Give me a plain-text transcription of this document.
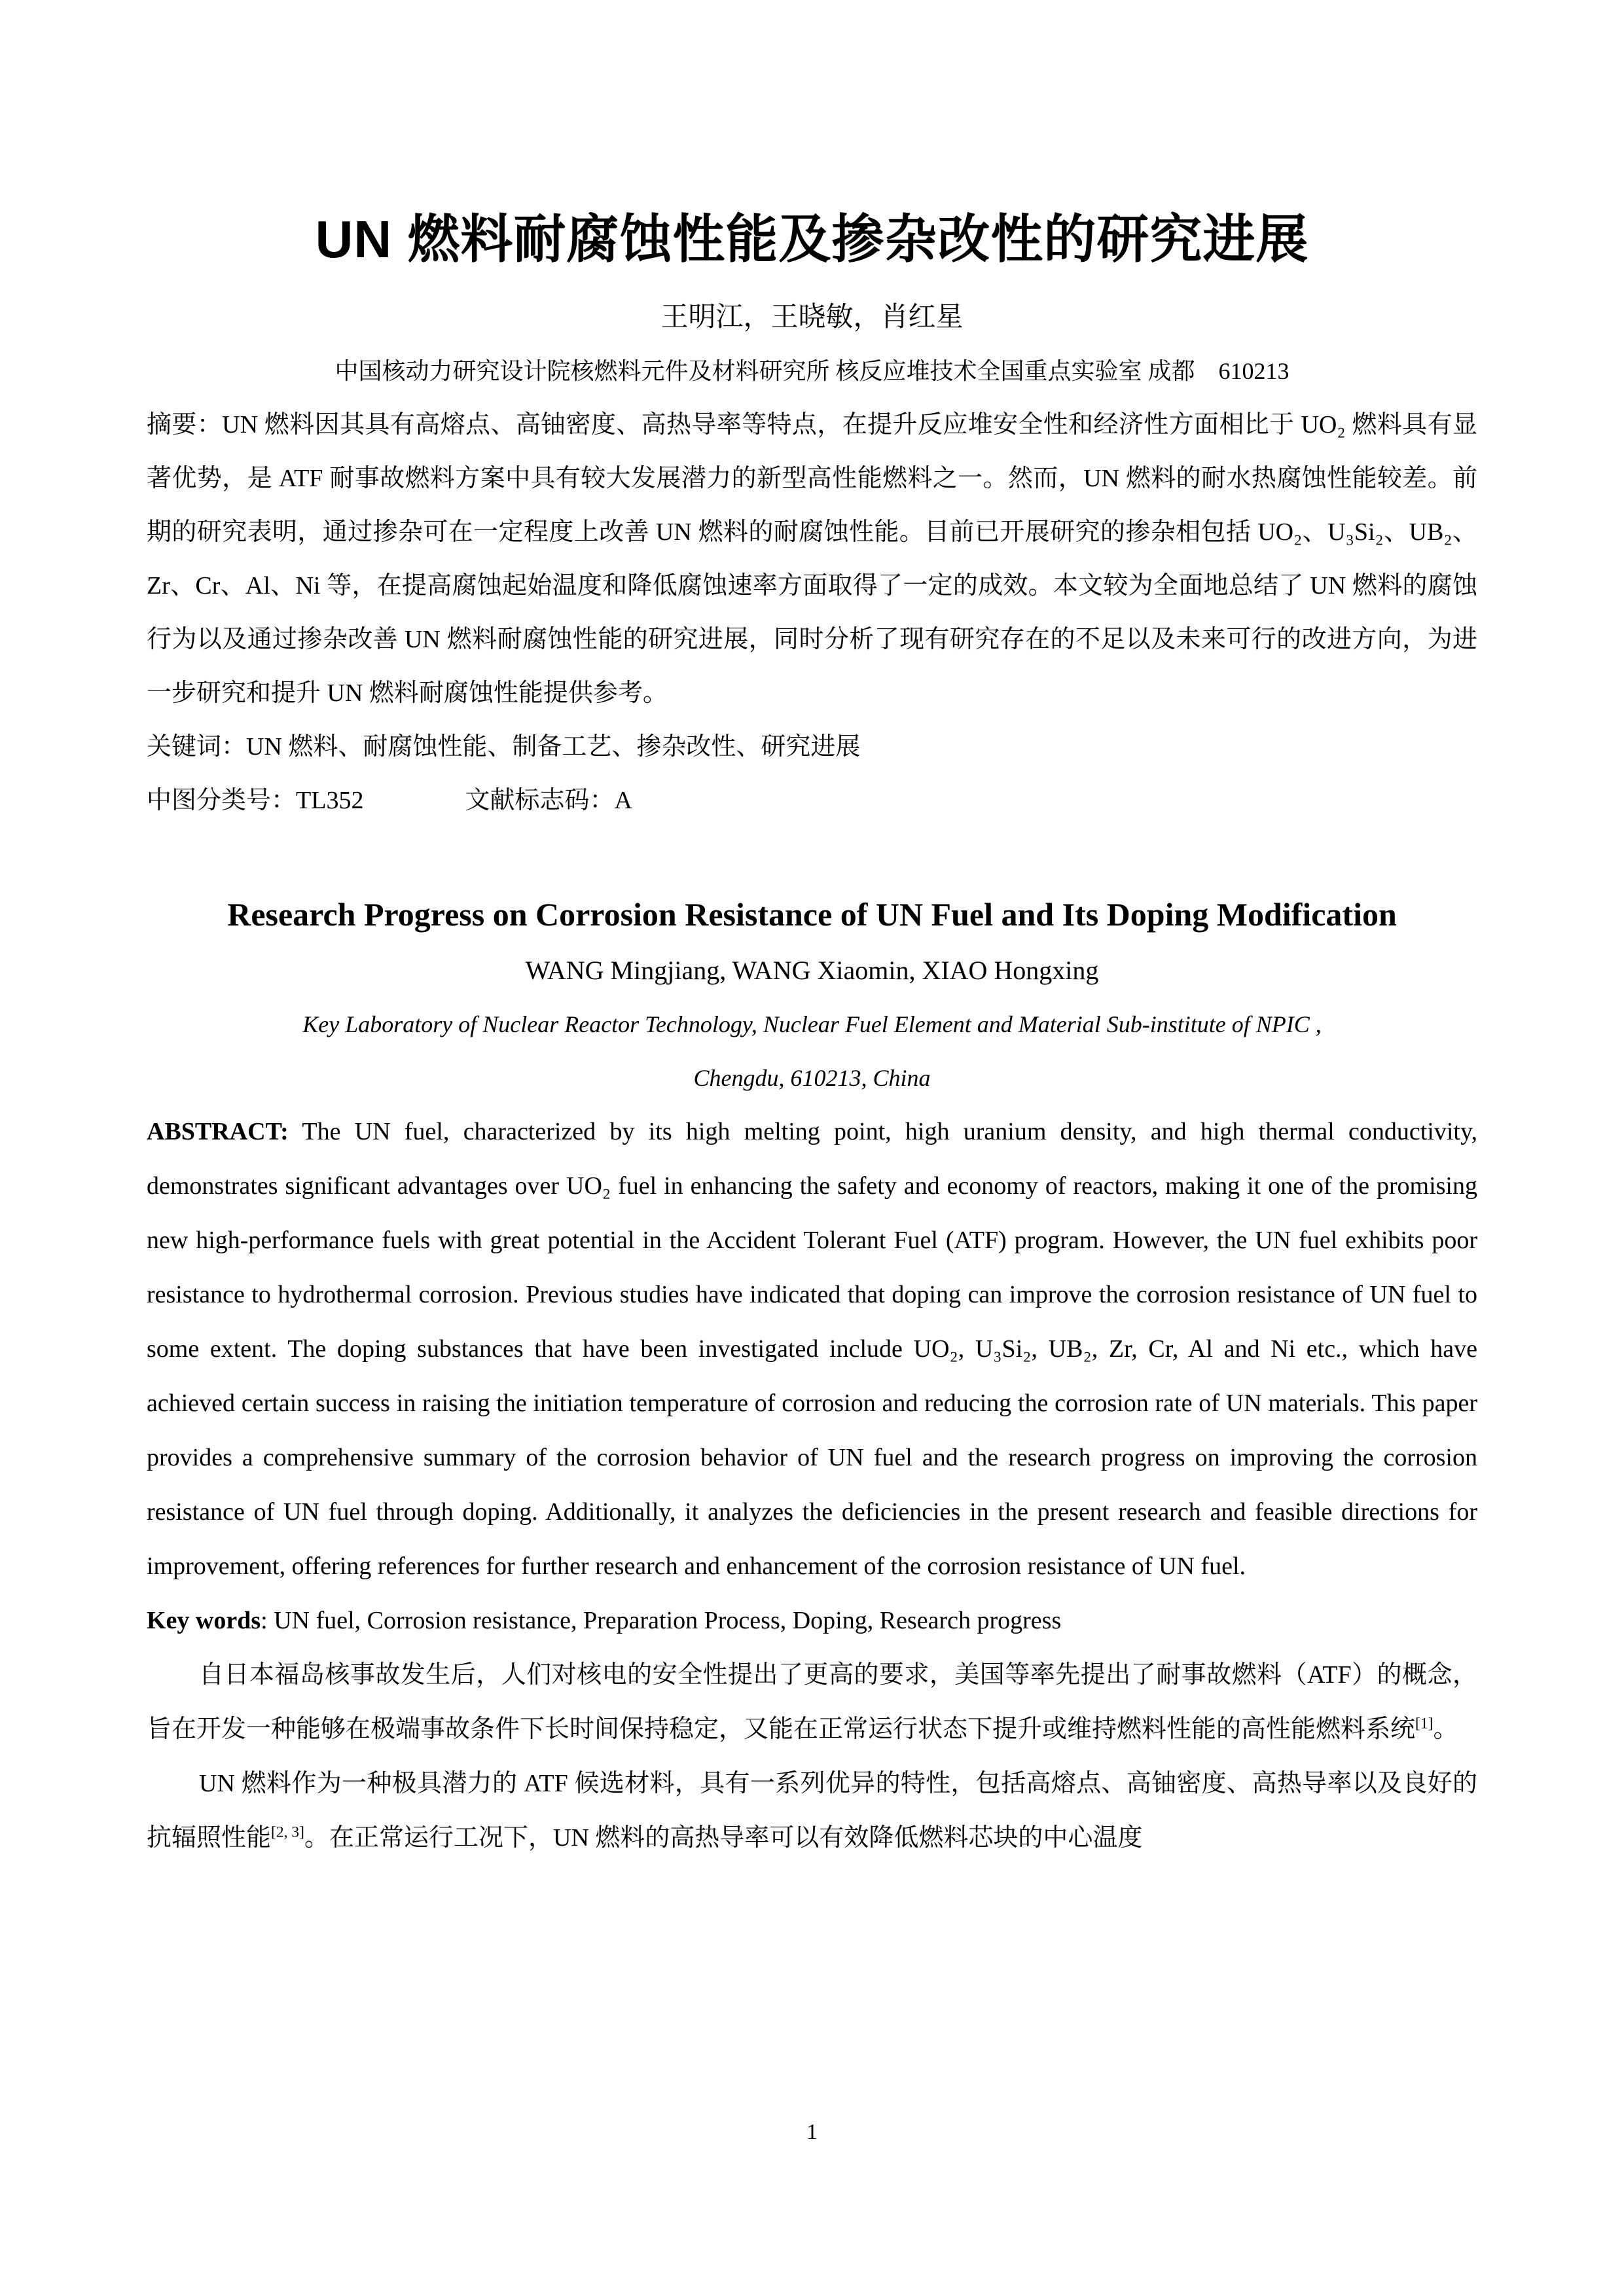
UN 燃料耐腐蚀性能及掺杂改性的研究进展
王明江，王晓敏，肖红星
中国核动力研究设计院核燃料元件及材料研究所 核反应堆技术全国重点实验室 成都　610213

摘要：UN 燃料因其具有高熔点、高铀密度、高热导率等特点，在提升反应堆安全性和经济性方面相比于 UO₂ 燃料具有显著优势，是 ATF 耐事故燃料方案中具有较大发展潜力的新型高性能燃料之一。然而，UN 燃料的耐水热腐蚀性能较差。前期的研究表明，通过掺杂可在一定程度上改善 UN 燃料的耐腐蚀性能。目前已开展研究的掺杂相包括 UO₂、U₃Si₂、UB₂、Zr、Cr、Al、Ni 等，在提高腐蚀起始温度和降低腐蚀速率方面取得了一定的成效。本文较为全面地总结了 UN 燃料的腐蚀行为以及通过掺杂改善 UN 燃料耐腐蚀性能的研究进展，同时分析了现有研究存在的不足以及未来可行的改进方向，为进一步研究和提升 UN 燃料耐腐蚀性能提供参考。

关键词：UN 燃料、耐腐蚀性能、制备工艺、掺杂改性、研究进展

中图分类号：TL352	文献标志码：A

Research Progress on Corrosion Resistance of UN Fuel and Its Doping Modification
WANG Mingjiang, WANG Xiaomin, XIAO Hongxing
Key Laboratory of Nuclear Reactor Technology, Nuclear Fuel Element and Material Sub-institute of NPIC ,
Chengdu, 610213, China

ABSTRACT: The UN fuel, characterized by its high melting point, high uranium density, and high thermal conductivity, demonstrates significant advantages over UO₂ fuel in enhancing the safety and economy of reactors, making it one of the promising new high-performance fuels with great potential in the Accident Tolerant Fuel (ATF) program. However, the UN fuel exhibits poor resistance to hydrothermal corrosion. Previous studies have indicated that doping can improve the corrosion resistance of UN fuel to some extent. The doping substances that have been investigated include UO₂, U₃Si₂, UB₂, Zr, Cr, Al and Ni etc., which have achieved certain success in raising the initiation temperature of corrosion and reducing the corrosion rate of UN materials. This paper provides a comprehensive summary of the corrosion behavior of UN fuel and the research progress on improving the corrosion resistance of UN fuel through doping. Additionally, it analyzes the deficiencies in the present research and feasible directions for improvement, offering references for further research and enhancement of the corrosion resistance of UN fuel.

Key words: UN fuel, Corrosion resistance, Preparation Process, Doping, Research progress

自日本福岛核事故发生后，人们对核电的安全性提出了更高的要求，美国等率先提出了耐事故燃料（ATF）的概念，旨在开发一种能够在极端事故条件下长时间保持稳定，又能在正常运行状态下提升或维持燃料性能的高性能燃料系统[1]。

UN 燃料作为一种极具潜力的 ATF 候选材料，具有一系列优异的特性，包括高熔点、高铀密度、高热导率以及良好的抗辐照性能[2, 3]。在正常运行工况下，UN 燃料的高热导率可以有效降低燃料芯块的中心温度

1
